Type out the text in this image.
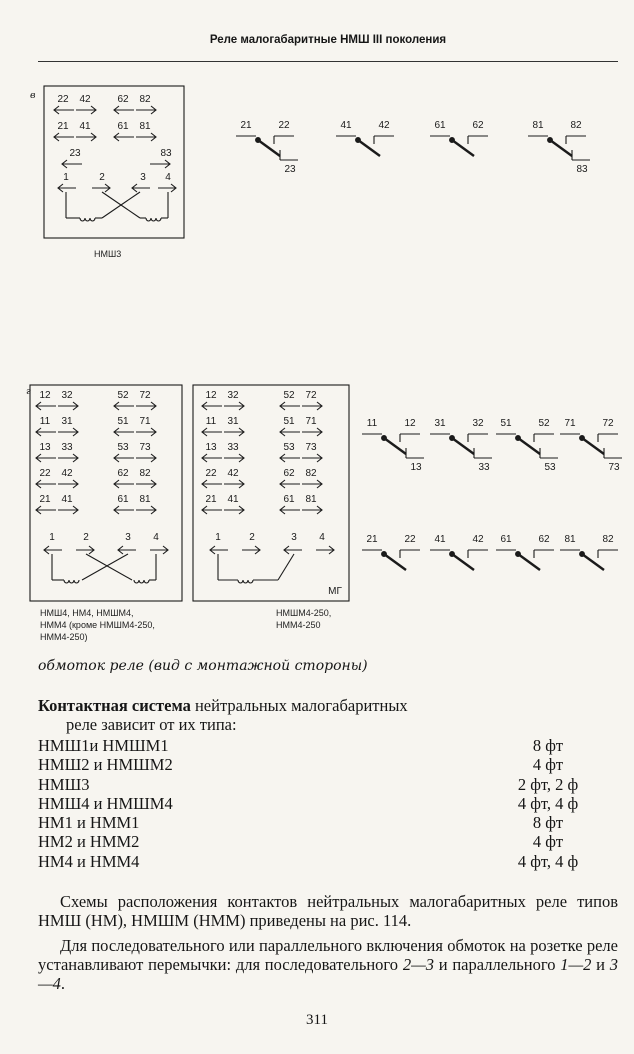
Реле малогабаритные НМШ III поколения
22 42	62 82
21 41	61 81
23	83
1	2	3 4
21	22
23
41	42	61	62	81	82
83
12 32	52 72
11 31	51 71
13 33	53 73
22 42	62 82
21 41	61 81
1	2	3 4
12 32	52 72
11 31	51 71
13 33	53 73
22 42	62 82
21 41	61 81
1	2	3 4
МГ
11	12
13
31	32
33
51	52
53
71	72
73
21	22 41	42 61	62 81	82
в
НМШ3
г
НМШ4, НМ4, НМШМ4,
НММ4 (кроме НМШМ4-250,
НММ4-250)
НМШМ4-250,
НММ4-250
обмоток реле (вид с монтажной стороны)
Контактная система нейтральных малогабаритных
реле зависит от их типа:
НМШ1и НМШМ1	8 фт
НМШ2 и НМШМ2	4 фт
НМШ3	2 фт, 2 ф
НМШ4 и НМШМ4	4 фт, 4 ф
НМ1 и НММ1	8 фт
НМ2 и НММ2	4 фт
НМ4 и НММ4	4 фт, 4 ф
Схемы расположения контактов нейтральных малогабаритных реле типов НМШ (НМ), НМШМ (НММ) приведены на рис. 114.
Для последовательного или параллельного включения обмоток на розетке реле устанавливают перемычки: для последовательного 2—3 и параллельного 1—2 и 3—4.
311
